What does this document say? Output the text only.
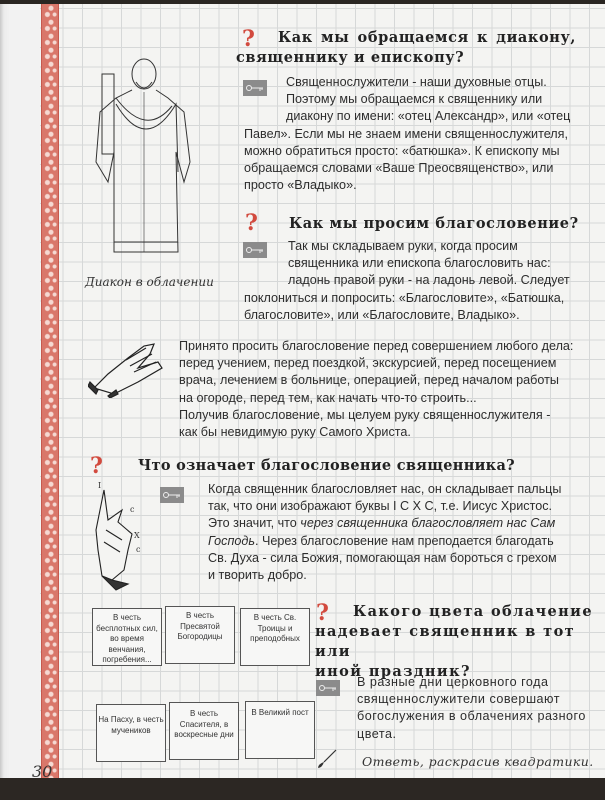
Диакон в облачении
?	Как мы обращаемся к диакону, священнику и епископу?
Священнослужители - наши духовные отцы.
Поэтому мы обращаемся к священнику или
диакону по имени: «отец Александр», или «отец
Павел». Если мы не знаем имени священнослужителя,
можно обратиться просто: «батюшка». К епископу мы
обращаемся словами «Ваше Преосвященство», или
просто «Владыко».
? Как мы просим благословение?
Так мы складываем руки, когда просим
священника или епископа благословить нас:
ладонь правой руки - на ладонь левой. Следует
поклониться и попросить: «Благословите», «Батюшка,
благословите», или «Благословите, Владыко».
Принято просить благословение перед совершением любого дела:
перед учением, перед поездкой, экскурсией, перед посещением
врача, лечением в больнице, операцией, перед началом работы
на огороде, перед тем, как начать что-то строить...
Получив благословение, мы целуем руку священнослужителя -
как бы невидимую руку Самого Христа.
? Что означает благословение священника?
I
c
X
c
Когда священник благословляет нас, он складывает пальцы
так, что они изображают буквы I С Х С, т.е. Иисус Христос.
Это значит, что через священника благословляет нас Сам
Господь. Через благословение нам преподается благодать
Св. Духа - сила Божия, помогающая нам бороться с грехом
и творить добро.
В честь бесплотных сил, во время венчания, погребения...
В честь Пресвятой Богородицы
В честь Св. Троицы и преподобных
На Пасху, в честь мучеников
В честь Спасителя, в воскресные дни
В Великий пост
?	Какого цвета облачение
надевает священник в тот или
иной праздник?
В разные дни церковного года
священнослужители совершают
богослужения в облачениях разного
цвета.
Ответь, раскрасив квадратики.
30
